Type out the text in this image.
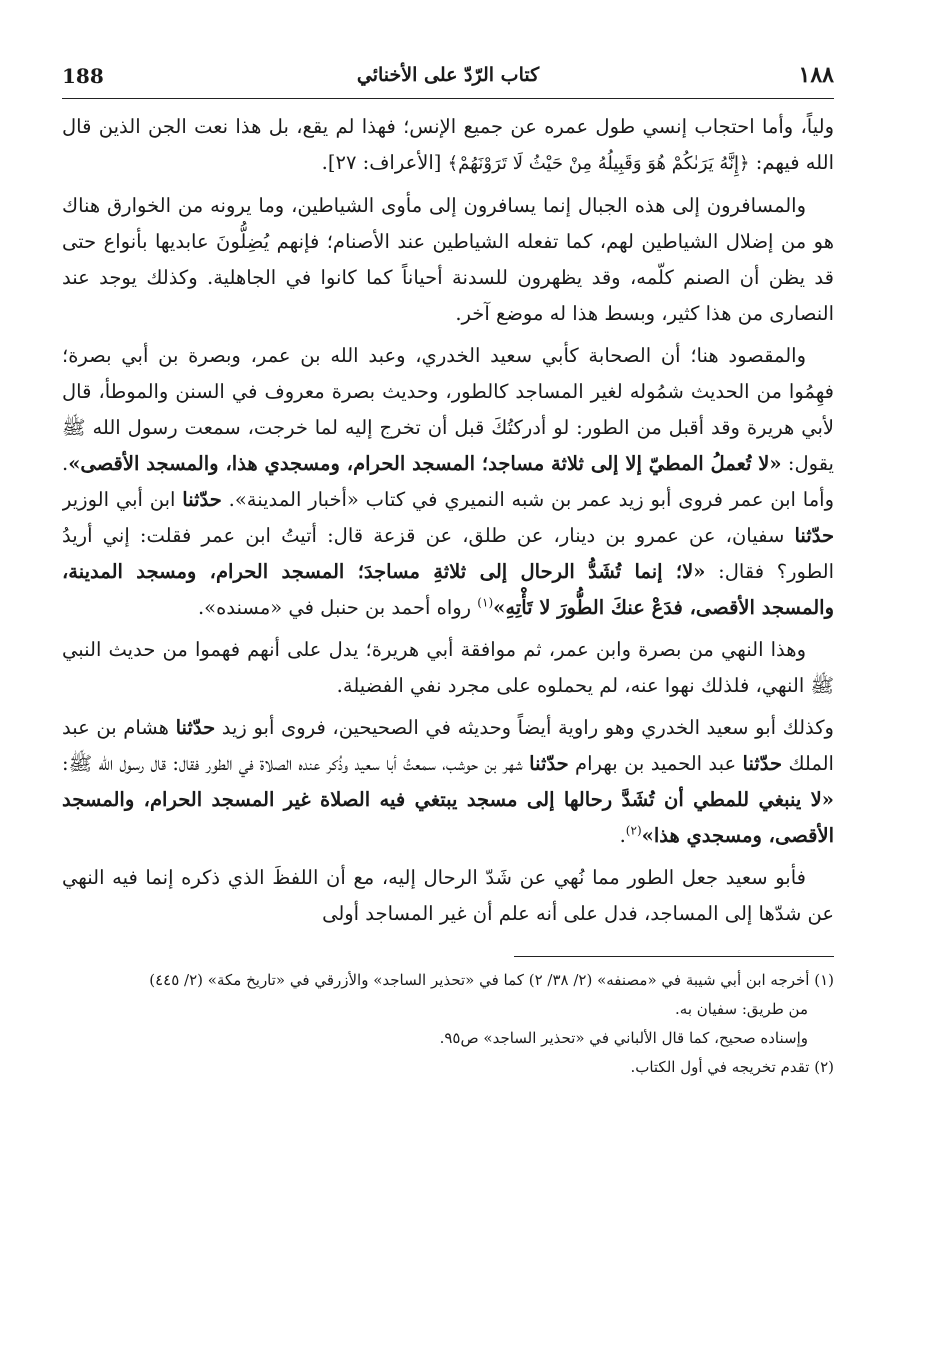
188	كتاب الرّدّ على الأخنائي	١٨٨

ولياً، وأما احتجاب إنسي طول عمره عن جميع الإنس؛ فهذا لم يقع، بل هذا نعت الجن الذين قال الله فيهم: ﴿إِنَّهُ يَرَىٰكُمْ هُوَ وَقَبِيلُهُ مِنْ حَيْثُ لَا تَرَوْنَهُمْ﴾ [الأعراف: ٢٧].

والمسافرون إلى هذه الجبال إنما يسافرون إلى مأوى الشياطين، وما يرونه من الخوارق هناك هو من إضلال الشياطين لهم، كما تفعله الشياطين عند الأصنام؛ فإنهم يُضِلُّونَ عابديها بأنواع حتى قد يظن أن الصنم كلّمه، وقد يظهرون للسدنة أحياناً كما كانوا في الجاهلية. وكذلك يوجد عند النصارى من هذا كثير، وبسط هذا له موضع آخر.

والمقصود هنا؛ أن الصحابة كأبي سعيد الخدري، وعبد الله بن عمر، وبصرة بن أبي بصرة؛ فهِمُوا من الحديث شمُوله لغير المساجد كالطور، وحديث بصرة معروف في السنن والموطأ، قال لأبي هريرة وقد أقبل من الطور: لو أدركتُكَ قبل أن تخرج إليه لما خرجت، سمعت رسول الله ﷺ يقول: «لا تُعملُ المطيّ إلا إلى ثلاثة مساجد؛ المسجد الحرام، ومسجدي هذا، والمسجد الأقصى». وأما ابن عمر فروى أبو زيد عمر بن شبه النميري في كتاب «أخبار المدينة». حدّثنا ابن أبي الوزير حدّثنا سفيان، عن عمرو بن دينار، عن طلق، عن قزعة قال: أتيتُ ابن عمر فقلت: إني أريدُ الطور؟ فقال: «لا؛ إنما تُشَدُّ الرحال إلى ثلاثةِ مساجدَ؛ المسجد الحرام، ومسجد المدينة، والمسجد الأقصى، فدَعْ عنكَ الطُّورَ لا تَأْتِهِ»$^{(١)}$ رواه أحمد بن حنبل في «مسنده».

وهذا النهي من بصرة وابن عمر، ثم موافقة أبي هريرة؛ يدل على أنهم فهموا من حديث النبي ﷺ النهي، فلذلك نهوا عنه، لم يحملوه على مجرد نفي الفضيلة.

وكذلك أبو سعيد الخدري وهو راوية أيضاً وحديثه في الصحيحين، فروى أبو زيد حدّثنا هشام بن عبد الملك حدّثنا عبد الحميد بن بهرام حدّثنا شهر بن حوشب، سمعتُ أبا سعيد وذُكر عنده الصلاة في الطور فقال: قال رسول الله ﷺ: «لا ينبغي للمطي أن تُشَدَّ رحالها إلى مسجد يبتغي فيه الصلاة غير المسجد الحرام، والمسجد الأقصى، ومسجدي هذا»$^{(٢)}$.

فأبو سعيد جعل الطور مما نُهي عن شَدّ الرحال إليه، مع أن اللفظَ الذي ذكره إنما فيه النهي عن شدّها إلى المساجد، فدل على أنه علم أن غير المساجد أولى

(١) أخرجه ابن أبي شيبة في «مصنفه» (٢/ ٣٨/ ٢) كما في «تحذير الساجد» والأزرقي في «تاريخ مكة» (٢/ ٤٤٥)
من طريق: سفيان به.
وإسناده صحيح، كما قال الألباني في «تحذير الساجد» ص٩٥.
(٢) تقدم تخريجه في أول الكتاب.
